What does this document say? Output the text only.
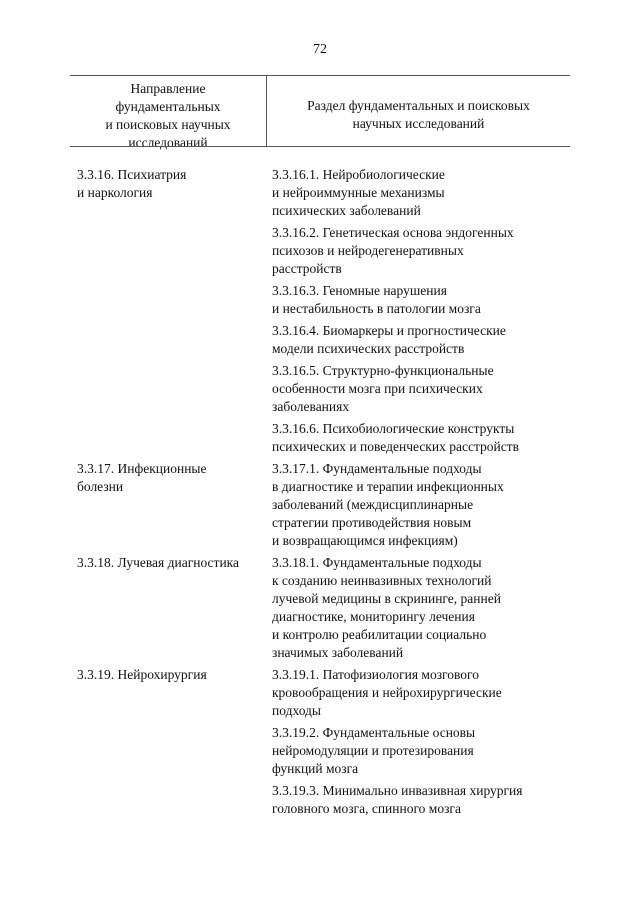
72
Направление
фундаментальных
и поисковых научных
исследований
Раздел фундаментальных и поисковых
научных исследований
3.3.16. Психиатрия
и наркология
3.3.16.1. Нейробиологические
и нейроиммунные механизмы
психических заболеваний
3.3.16.2. Генетическая основа эндогенных
психозов и нейродегенеративных
расстройств
3.3.16.3. Геномные нарушения
и нестабильность в патологии мозга
3.3.16.4. Биомаркеры и прогностические
модели психических расстройств
3.3.16.5. Структурно-функциональные
особенности мозга при психических
заболеваниях
3.3.16.6. Психобиологические конструкты
психических и поведенческих расстройств
3.3.17. Инфекционные
болезни
3.3.17.1. Фундаментальные подходы
в диагностике и терапии инфекционных
заболеваний (междисциплинарные
стратегии противодействия новым
и возвращающимся инфекциям)
3.3.18. Лучевая диагностика	3.3.18.1. Фундаментальные подходы
к созданию неинвазивных технологий
лучевой медицины в скрининге, ранней
диагностике, мониторингу лечения
и контролю реабилитации социально
значимых заболеваний
3.3.19. Нейрохирургия	3.3.19.1. Патофизиология мозгового
кровообращения и нейрохирургические
подходы
3.3.19.2. Фундаментальные основы
нейромодуляции и протезирования
функций мозга
3.3.19.3. Минимально инвазивная хирургия
головного мозга, спинного мозга
